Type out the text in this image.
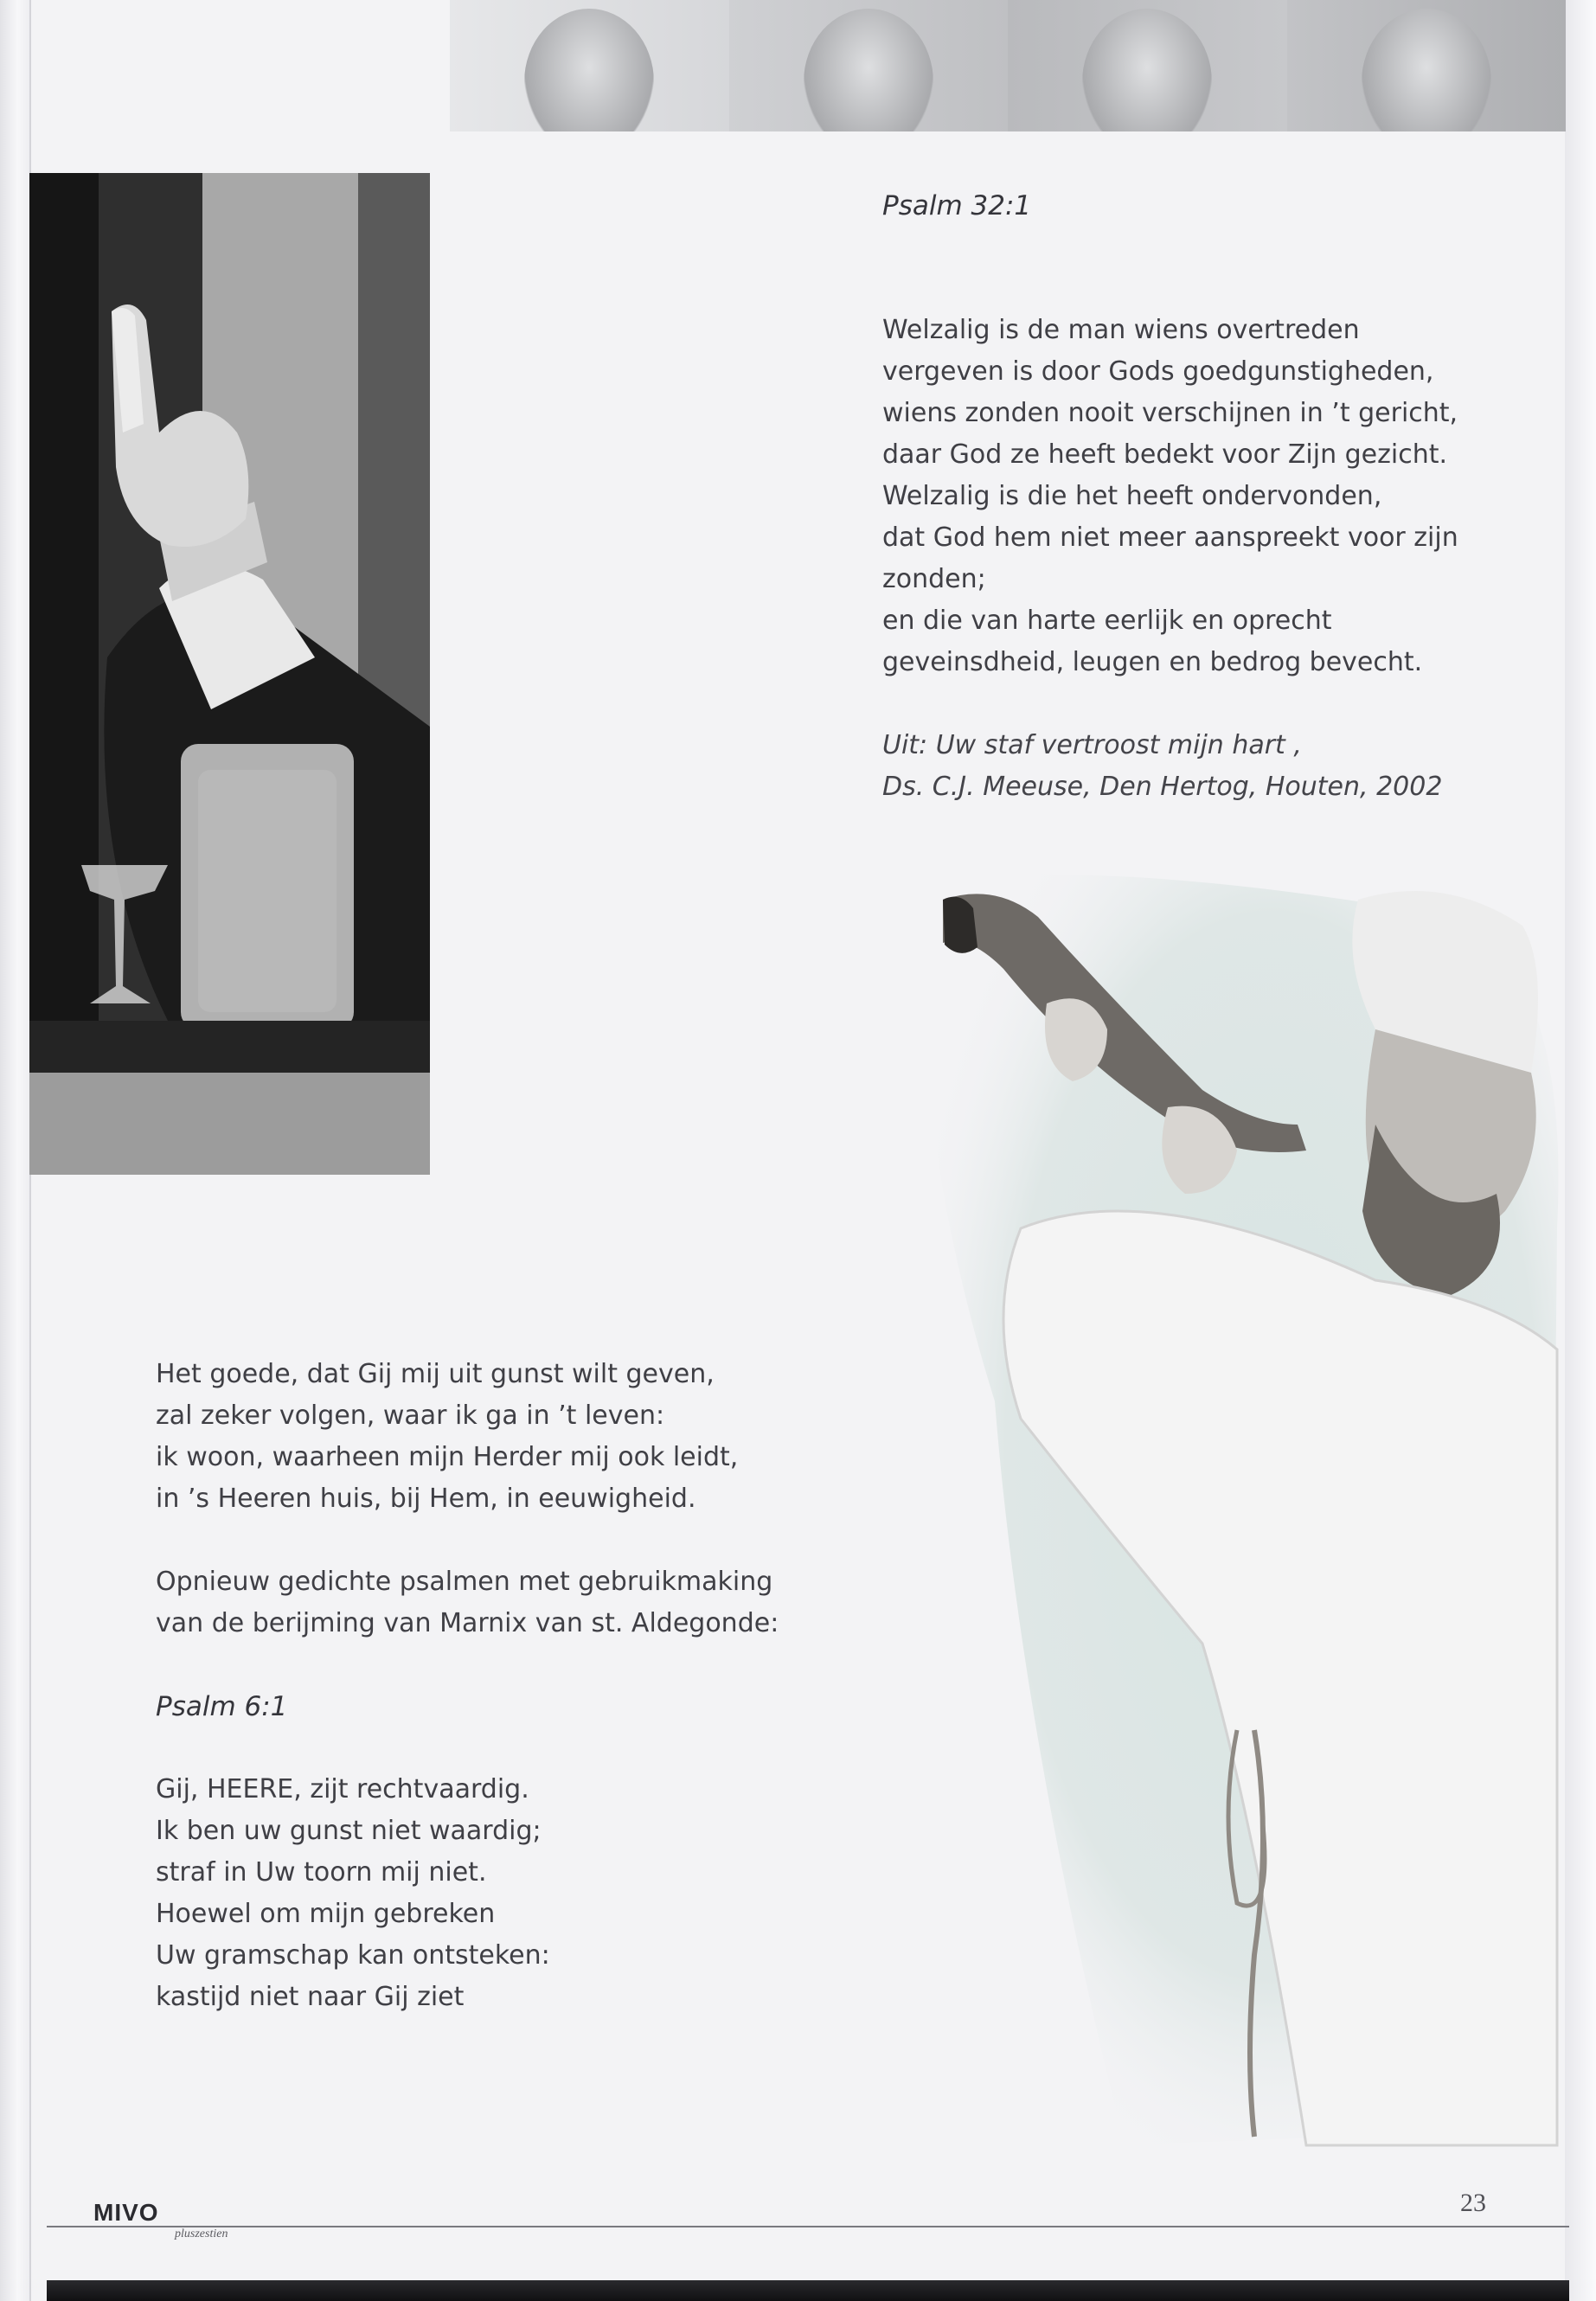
Psalm 32:1
Welzalig is de man wiens overtreden
vergeven is door Gods goedgunstigheden,
wiens zonden nooit verschijnen in ’t gericht,
daar God ze heeft bedekt voor Zijn gezicht.
Welzalig is die het heeft ondervonden,
dat God hem niet meer aanspreekt voor zijn
zonden;
en die van harte eerlijk en oprecht
geveinsdheid, leugen en bedrog bevecht.
Uit: Uw staf vertroost mijn hart ,
Ds. C.J. Meeuse, Den Hertog, Houten, 2002
Het goede, dat Gij mij uit gunst wilt geven,
zal zeker volgen, waar ik ga in ’t leven:
ik woon, waarheen mijn Herder mij ook leidt,
in ’s Heeren huis, bij Hem, in eeuwigheid.
Opnieuw gedichte psalmen met gebruikmaking
van de berijming van Marnix van st. Aldegonde:
Psalm 6:1
Gij, HEERE, zijt rechtvaardig.
Ik ben uw gunst niet waardig;
straf in Uw toorn mij niet.
Hoewel om mijn gebreken
Uw gramschap kan ontsteken:
kastijd niet naar Gij ziet
MIVO
pluszestien
23
